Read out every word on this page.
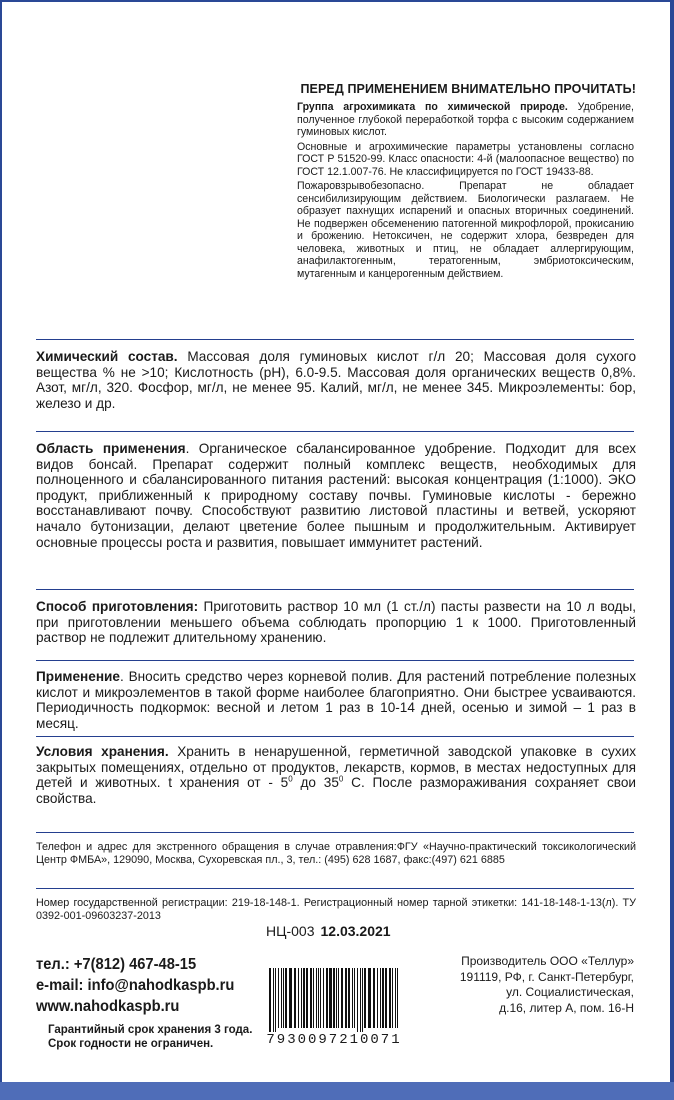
ПЕРЕД ПРИМЕНЕНИЕМ ВНИМАТЕЛЬНО ПРОЧИТАТЬ!

Группа агрохимиката по химической природе. Удобрение, полученное глубокой переработкой торфа с высоким содержанием гуминовых кислот.

Основные и агрохимические параметры установлены согласно ГОСТ Р 51520-99. Класс опасности: 4-й (малоопасное вещество) по ГОСТ 12.1.007-76. Не классифицируется по ГОСТ 19433-88.

Пожаровзрывобезопасно. Препарат не обладает сенсибилизирующим действием. Биологически разлагаем. Не образует пахнущих испарений и опасных вторичных соединений. Не подвержен обсеменению патогенной микрофлорой, прокисанию и брожению. Нетоксичен, не содержит хлора, безвреден для человека, животных и птиц, не обладает аллергирующим, анафилактогенным, тератогенным, эмбриотоксическим, мутагенным и канцерогенным действием.

Химический состав. Массовая доля гуминовых кислот г/л 20; Массовая доля сухого вещества % не >10; Кислотность (рН), 6.0-9.5. Массовая доля органических веществ 0,8%. Азот, мг/л, 320. Фосфор, мг/л, не менее 95. Калий, мг/л, не менее 345. Микроэлементы: бор, железо и др.
Область применения. Органическое сбалансированное удобрение. Подходит для всех видов бонсай. Препарат содержит полный комплекс веществ, необходимых для полноценного и сбалансированного питания растений: высокая концентрация (1:1000). ЭКО продукт, приближенный к природному составу почвы. Гуминовые кислоты - бережно восстанавливают почву. Способствуют развитию листовой пластины и ветвей, ускоряют начало бутонизации, делают цветение более пышным и продолжительным. Активирует основные процессы роста и развития, повышает иммунитет растений.
Способ приготовления: Приготовить раствор 10 мл (1 ст./л) пасты развести на 10 л воды, при приготовлении меньшего объема соблюдать пропорцию 1 к 1000. Приготовленный раствор не подлежит длительному хранению.
Применение. Вносить средство через корневой полив. Для растений потребление полезных кислот и микроэлементов в такой форме наиболее благоприятно. Они быстрее усваиваются. Периодичность подкормок: весной и летом 1 раз в 10-14 дней, осенью и зимой – 1 раз в месяц.
Условия хранения. Хранить в ненарушенной, герметичной заводской упаковке в сухих закрытых помещениях, отдельно от продуктов, лекарств, кормов, в местах недоступных для детей и животных. t хранения от - $5^0$ до $35^0$ С. После размораживания сохраняет свои свойства.
Телефон и адрес для экстренного обращения в случае отравления:ФГУ «Научно-практический токсикологический Центр ФМБА», 129090, Москва, Сухоревская пл., 3, тел.: (495) 628 1687, факс:(497) 621 6885
Номер государственной регистрации: 219-18-148-1. Регистрационный номер тарной этикетки: 141-18-148-1-13(л). ТУ 0392-001-09603237-2013
НЦ-003 12.03.2021
тел.: +7(812) 467-48-15
e-mail: info@nahodkaspb.ru
www.nahodkaspb.ru
Гарантийный срок хранения 3 года.
Срок годности не ограничен.	7930097210071
Производитель ООО «Теллур»
191119, РФ, г. Санкт-Петербург,
ул. Социалистическая,
д.16, литер А, пом. 16-Н
